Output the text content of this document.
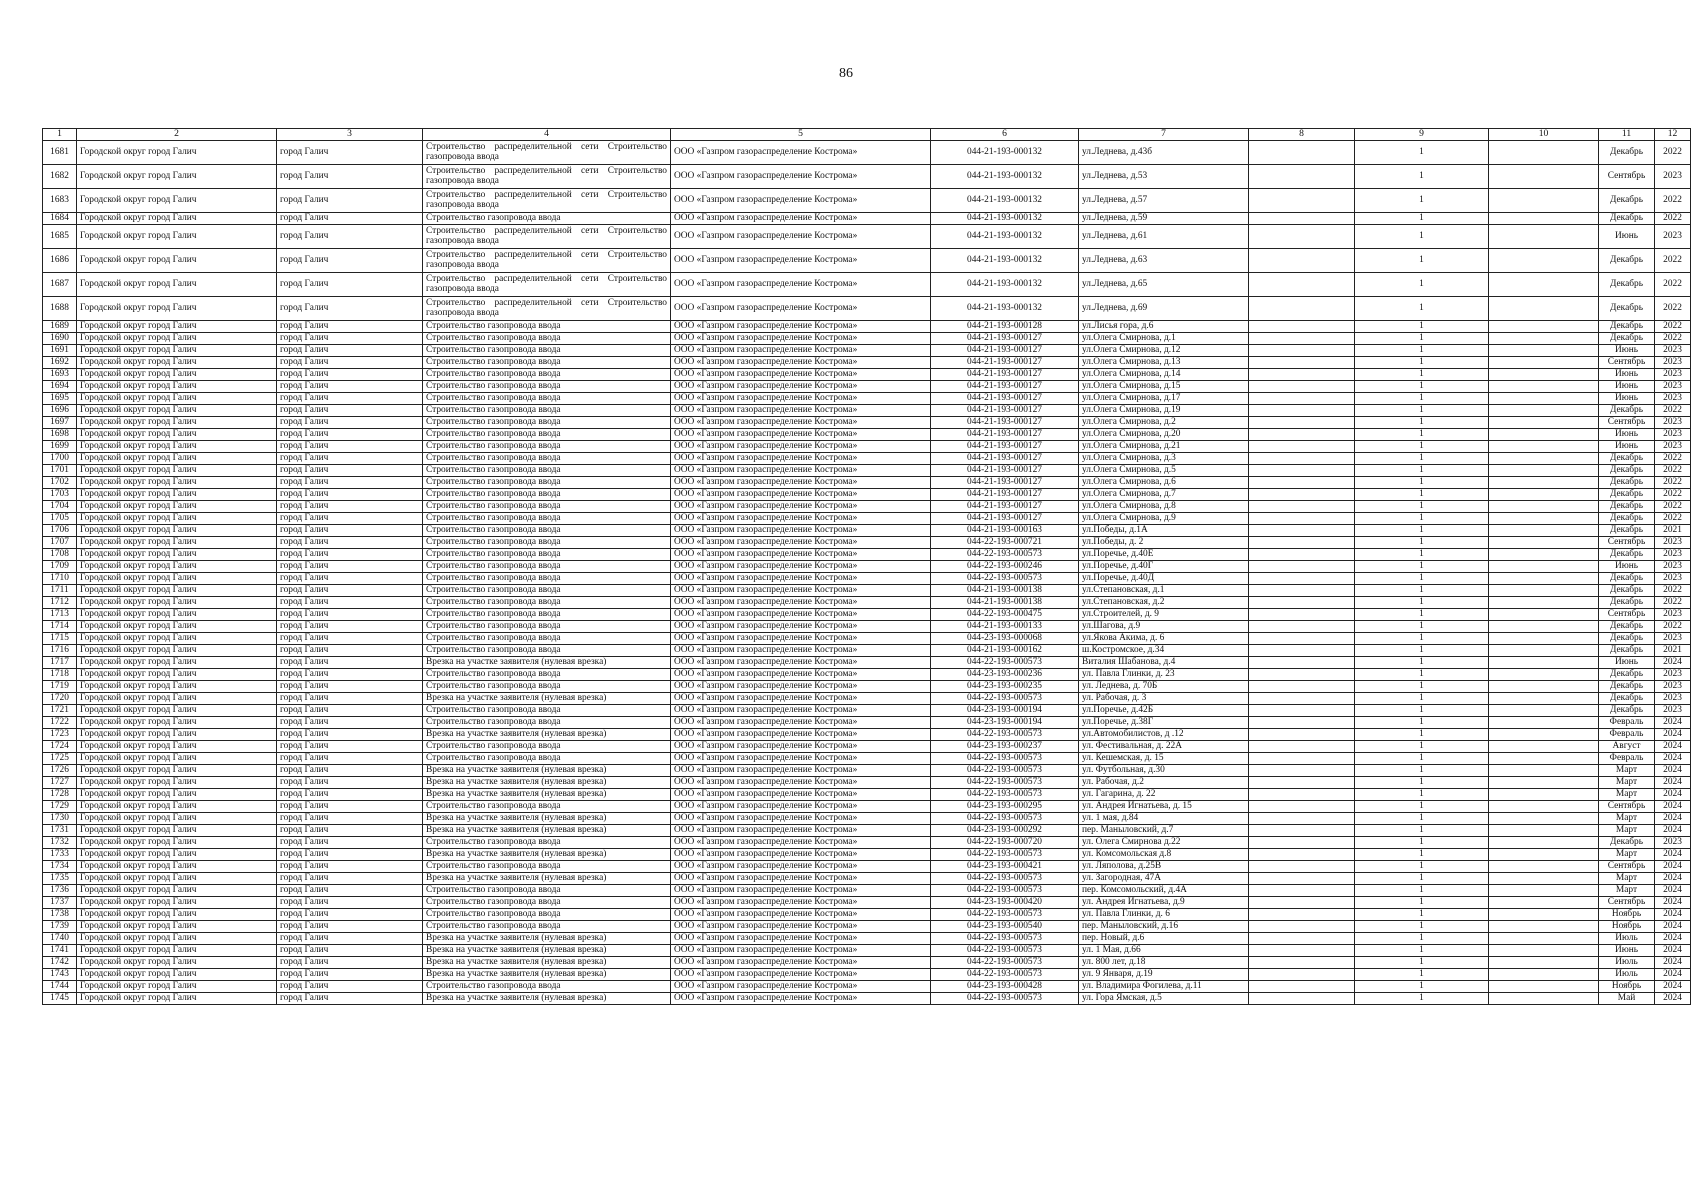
86
1	2	3	4	5	6	7	8	9	10	11	12
1681	Городской округ город Галич	город Галич	Строительство распределительной сети Строительство газопровода ввода	ООО «Газпром газораспределение Кострома»	044-21-193-000132	ул.Леднева, д.43б		1		Декабрь	2022
1682	Городской округ город Галич	город Галич	Строительство распределительной сети Строительство газопровода ввода	ООО «Газпром газораспределение Кострома»	044-21-193-000132	ул.Леднева, д.53		1		Сентябрь	2023
1683	Городской округ город Галич	город Галич	Строительство распределительной сети Строительство газопровода ввода	ООО «Газпром газораспределение Кострома»	044-21-193-000132	ул.Леднева, д.57		1		Декабрь	2022
1684	Городской округ город Галич	город Галич	Строительство газопровода ввода	ООО «Газпром газораспределение Кострома»	044-21-193-000132	ул.Леднева, д.59		1		Декабрь	2022
1685	Городской округ город Галич	город Галич	Строительство распределительной сети Строительство газопровода ввода	ООО «Газпром газораспределение Кострома»	044-21-193-000132	ул.Леднева, д.61		1		Июнь	2023
1686	Городской округ город Галич	город Галич	Строительство распределительной сети Строительство газопровода ввода	ООО «Газпром газораспределение Кострома»	044-21-193-000132	ул.Леднева, д.63		1		Декабрь	2022
1687	Городской округ город Галич	город Галич	Строительство распределительной сети Строительство газопровода ввода	ООО «Газпром газораспределение Кострома»	044-21-193-000132	ул.Леднева, д.65		1		Декабрь	2022
1688	Городской округ город Галич	город Галич	Строительство распределительной сети Строительство газопровода ввода	ООО «Газпром газораспределение Кострома»	044-21-193-000132	ул.Леднева, д.69		1		Декабрь	2022
1689	Городской округ город Галич	город Галич	Строительство газопровода ввода	ООО «Газпром газораспределение Кострома»	044-21-193-000128	ул.Лисья гора, д.6		1		Декабрь	2022
1690	Городской округ город Галич	город Галич	Строительство газопровода ввода	ООО «Газпром газораспределение Кострома»	044-21-193-000127	ул.Олега Смирнова, д.1		1		Декабрь	2022
1691	Городской округ город Галич	город Галич	Строительство газопровода ввода	ООО «Газпром газораспределение Кострома»	044-21-193-000127	ул.Олега Смирнова, д.12		1		Июнь	2023
1692	Городской округ город Галич	город Галич	Строительство газопровода ввода	ООО «Газпром газораспределение Кострома»	044-21-193-000127	ул.Олега Смирнова, д.13		1		Сентябрь	2023
1693	Городской округ город Галич	город Галич	Строительство газопровода ввода	ООО «Газпром газораспределение Кострома»	044-21-193-000127	ул.Олега Смирнова, д.14		1		Июнь	2023
1694	Городской округ город Галич	город Галич	Строительство газопровода ввода	ООО «Газпром газораспределение Кострома»	044-21-193-000127	ул.Олега Смирнова, д.15		1		Июнь	2023
1695	Городской округ город Галич	город Галич	Строительство газопровода ввода	ООО «Газпром газораспределение Кострома»	044-21-193-000127	ул.Олега Смирнова, д.17		1		Июнь	2023
1696	Городской округ город Галич	город Галич	Строительство газопровода ввода	ООО «Газпром газораспределение Кострома»	044-21-193-000127	ул.Олега Смирнова, д.19		1		Декабрь	2022
1697	Городской округ город Галич	город Галич	Строительство газопровода ввода	ООО «Газпром газораспределение Кострома»	044-21-193-000127	ул.Олега Смирнова, д.2		1		Сентябрь	2023
1698	Городской округ город Галич	город Галич	Строительство газопровода ввода	ООО «Газпром газораспределение Кострома»	044-21-193-000127	ул.Олега Смирнова, д.20		1		Июнь	2023
1699	Городской округ город Галич	город Галич	Строительство газопровода ввода	ООО «Газпром газораспределение Кострома»	044-21-193-000127	ул.Олега Смирнова, д.21		1		Июнь	2023
1700	Городской округ город Галич	город Галич	Строительство газопровода ввода	ООО «Газпром газораспределение Кострома»	044-21-193-000127	ул.Олега Смирнова, д.3		1		Декабрь	2022
1701	Городской округ город Галич	город Галич	Строительство газопровода ввода	ООО «Газпром газораспределение Кострома»	044-21-193-000127	ул.Олега Смирнова, д.5		1		Декабрь	2022
1702	Городской округ город Галич	город Галич	Строительство газопровода ввода	ООО «Газпром газораспределение Кострома»	044-21-193-000127	ул.Олега Смирнова, д.6		1		Декабрь	2022
1703	Городской округ город Галич	город Галич	Строительство газопровода ввода	ООО «Газпром газораспределение Кострома»	044-21-193-000127	ул.Олега Смирнова, д.7		1		Декабрь	2022
1704	Городской округ город Галич	город Галич	Строительство газопровода ввода	ООО «Газпром газораспределение Кострома»	044-21-193-000127	ул.Олега Смирнова, д.8		1		Декабрь	2022
1705	Городской округ город Галич	город Галич	Строительство газопровода ввода	ООО «Газпром газораспределение Кострома»	044-21-193-000127	ул.Олега Смирнова, д.9		1		Декабрь	2022
1706	Городской округ город Галич	город Галич	Строительство газопровода ввода	ООО «Газпром газораспределение Кострома»	044-21-193-000163	ул.Победы, д.1А		1		Декабрь	2021
1707	Городской округ город Галич	город Галич	Строительство газопровода ввода	ООО «Газпром газораспределение Кострома»	044-22-193-000721	ул.Победы, д. 2		1		Сентябрь	2023
1708	Городской округ город Галич	город Галич	Строительство газопровода ввода	ООО «Газпром газораспределение Кострома»	044-22-193-000573	ул.Поречье, д.40Е		1		Декабрь	2023
1709	Городской округ город Галич	город Галич	Строительство газопровода ввода	ООО «Газпром газораспределение Кострома»	044-22-193-000246	ул.Поречье, д.40Г		1		Июнь	2023
1710	Городской округ город Галич	город Галич	Строительство газопровода ввода	ООО «Газпром газораспределение Кострома»	044-22-193-000573	ул.Поречье, д.40Д		1		Декабрь	2023
1711	Городской округ город Галич	город Галич	Строительство газопровода ввода	ООО «Газпром газораспределение Кострома»	044-21-193-000138	ул.Степановская, д.1		1		Декабрь	2022
1712	Городской округ город Галич	город Галич	Строительство газопровода ввода	ООО «Газпром газораспределение Кострома»	044-21-193-000138	ул.Степановская, д.2		1		Декабрь	2022
1713	Городской округ город Галич	город Галич	Строительство газопровода ввода	ООО «Газпром газораспределение Кострома»	044-22-193-000475	ул.Строителей, д. 9		1		Сентябрь	2023
1714	Городской округ город Галич	город Галич	Строительство газопровода ввода	ООО «Газпром газораспределение Кострома»	044-21-193-000133	ул.Шагова, д.9		1		Декабрь	2022
1715	Городской округ город Галич	город Галич	Строительство газопровода ввода	ООО «Газпром газораспределение Кострома»	044-23-193-000068	ул.Якова Акима, д. 6		1		Декабрь	2023
1716	Городской округ город Галич	город Галич	Строительство газопровода ввода	ООО «Газпром газораспределение Кострома»	044-21-193-000162	ш.Костромское, д.34		1		Декабрь	2021
1717	Городской округ город Галич	город Галич	Врезка на участке заявителя (нулевая врезка)	ООО «Газпром газораспределение Кострома»	044-22-193-000573	Виталия Шабанова, д.4		1		Июнь	2024
1718	Городской округ город Галич	город Галич	Строительство газопровода ввода	ООО «Газпром газораспределение Кострома»	044-23-193-000236	ул. Павла Глинки, д. 23		1		Декабрь	2023
1719	Городской округ город Галич	город Галич	Строительство газопровода ввода	ООО «Газпром газораспределение Кострома»	044-23-193-000235	ул. Леднева, д. 70Б		1		Декабрь	2023
1720	Городской округ город Галич	город Галич	Врезка на участке заявителя (нулевая врезка)	ООО «Газпром газораспределение Кострома»	044-22-193-000573	ул. Рабочая, д. 3		1		Декабрь	2023
1721	Городской округ город Галич	город Галич	Строительство газопровода ввода	ООО «Газпром газораспределение Кострома»	044-23-193-000194	ул.Поречье, д.42Б		1		Декабрь	2023
1722	Городской округ город Галич	город Галич	Строительство газопровода ввода	ООО «Газпром газораспределение Кострома»	044-23-193-000194	ул.Поречье, д.38Г		1		Февраль	2024
1723	Городской округ город Галич	город Галич	Врезка на участке заявителя (нулевая врезка)	ООО «Газпром газораспределение Кострома»	044-22-193-000573	ул.Автомобилистов, д .12		1		Февраль	2024
1724	Городской округ город Галич	город Галич	Строительство газопровода ввода	ООО «Газпром газораспределение Кострома»	044-23-193-000237	ул. Фестивальная, д. 22А		1		Август	2024
1725	Городской округ город Галич	город Галич	Строительство газопровода ввода	ООО «Газпром газораспределение Кострома»	044-22-193-000573	ул. Кешемская, д. 15		1		Февраль	2024
1726	Городской округ город Галич	город Галич	Врезка на участке заявителя (нулевая врезка)	ООО «Газпром газораспределение Кострома»	044-22-193-000573	ул. Футбольная, д.30		1		Март	2024
1727	Городской округ город Галич	город Галич	Врезка на участке заявителя (нулевая врезка)	ООО «Газпром газораспределение Кострома»	044-22-193-000573	ул. Рабочая, д.2		1		Март	2024
1728	Городской округ город Галич	город Галич	Врезка на участке заявителя (нулевая врезка)	ООО «Газпром газораспределение Кострома»	044-22-193-000573	ул. Гагарина, д. 22		1		Март	2024
1729	Городской округ город Галич	город Галич	Строительство газопровода ввода	ООО «Газпром газораспределение Кострома»	044-23-193-000295	ул. Андрея Игнатьева, д. 15		1		Сентябрь	2024
1730	Городской округ город Галич	город Галич	Врезка на участке заявителя (нулевая врезка)	ООО «Газпром газораспределение Кострома»	044-22-193-000573	ул. 1 мая, д.84		1		Март	2024
1731	Городской округ город Галич	город Галич	Врезка на участке заявителя (нулевая врезка)	ООО «Газпром газораспределение Кострома»	044-23-193-000292	пер. Маныловский, д.7		1		Март	2024
1732	Городской округ город Галич	город Галич	Строительство газопровода ввода	ООО «Газпром газораспределение Кострома»	044-22-193-000720	ул. Олега Смирнова д.22		1		Декабрь	2023
1733	Городской округ город Галич	город Галич	Врезка на участке заявителя (нулевая врезка)	ООО «Газпром газораспределение Кострома»	044-22-193-000573	ул. Комсомольская д.8		1		Март	2024
1734	Городской округ город Галич	город Галич	Строительство газопровода ввода	ООО «Газпром газораспределение Кострома»	044-23-193-000421	ул. Ляполова, д.25В		1		Сентябрь	2024
1735	Городской округ город Галич	город Галич	Врезка на участке заявителя (нулевая врезка)	ООО «Газпром газораспределение Кострома»	044-22-193-000573	ул. Загородная, 47А		1		Март	2024
1736	Городской округ город Галич	город Галич	Строительство газопровода ввода	ООО «Газпром газораспределение Кострома»	044-22-193-000573	пер. Комсомольский, д.4А		1		Март	2024
1737	Городской округ город Галич	город Галич	Строительство газопровода ввода	ООО «Газпром газораспределение Кострома»	044-23-193-000420	ул. Андрея Игнатьева, д.9		1		Сентябрь	2024
1738	Городской округ город Галич	город Галич	Строительство газопровода ввода	ООО «Газпром газораспределение Кострома»	044-22-193-000573	ул. Павла Глинки, д. 6		1		Ноябрь	2024
1739	Городской округ город Галич	город Галич	Строительство газопровода ввода	ООО «Газпром газораспределение Кострома»	044-23-193-000540	пер. Маныловский, д.16		1		Ноябрь	2024
1740	Городской округ город Галич	город Галич	Врезка на участке заявителя (нулевая врезка)	ООО «Газпром газораспределение Кострома»	044-22-193-000573	пер. Новый, д.6		1		Июль	2024
1741	Городской округ город Галич	город Галич	Врезка на участке заявителя (нулевая врезка)	ООО «Газпром газораспределение Кострома»	044-22-193-000573	ул. 1 Мая, д.66		1		Июнь	2024
1742	Городской округ город Галич	город Галич	Врезка на участке заявителя (нулевая врезка)	ООО «Газпром газораспределение Кострома»	044-22-193-000573	ул. 800 лет, д.18		1		Июль	2024
1743	Городской округ город Галич	город Галич	Врезка на участке заявителя (нулевая врезка)	ООО «Газпром газораспределение Кострома»	044-22-193-000573	ул. 9 Января, д.19		1		Июль	2024
1744	Городской округ город Галич	город Галич	Строительство газопровода ввода	ООО «Газпром газораспределение Кострома»	044-23-193-000428	ул. Владимира Фогилева, д.11		1		Ноябрь	2024
1745	Городской округ город Галич	город Галич	Врезка на участке заявителя (нулевая врезка)	ООО «Газпром газораспределение Кострома»	044-22-193-000573	ул. Гора Ямская, д.5		1		Май	2024
